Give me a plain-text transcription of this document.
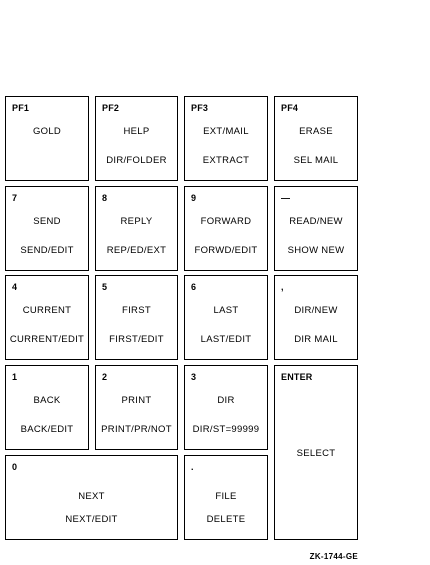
PF1
GOLD
PF2
HELP
DIR/FOLDER
PF3
EXT/MAIL
EXTRACT
PF4
ERASE
SEL MAIL
7
SEND
SEND/EDIT
8
REPLY
REP/ED/EXT
9
FORWARD
FORWD/EDIT
—
READ/NEW
SHOW NEW
4
CURRENT
CURRENT/EDIT
5
FIRST
FIRST/EDIT
6
LAST
LAST/EDIT
,
DIR/NEW
DIR MAIL
1
BACK
BACK/EDIT
2
PRINT
PRINT/PR/NOT
3
DIR
DIR/ST=99999
ENTER
SELECT
0
NEXT
NEXT/EDIT
.
FILE
DELETE
ZK-1744-GE
